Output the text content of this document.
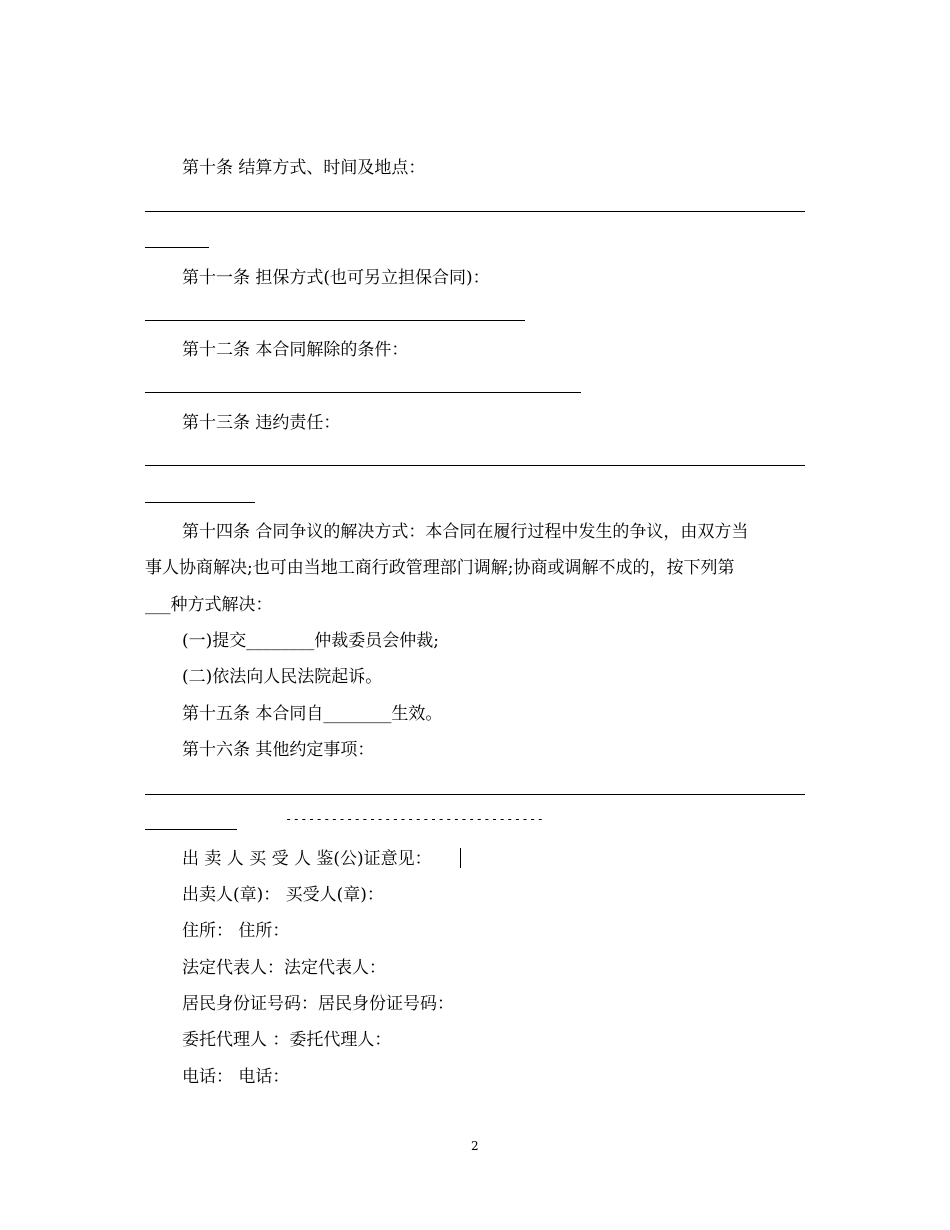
第十条 结算方式、时间及地点：
第十一条 担保方式(也可另立担保合同)：
第十二条 本合同解除的条件：
第十三条 违约责任：
第十四条 合同争议的解决方式：本合同在履行过程中发生的争议，由双方当
事人协商解决;也可由当地工商行政管理部门调解;协商或调解不成的，按下列第
___种方式解决：
(一)提交________仲裁委员会仲裁;
(二)依法向人民法院起诉。
第十五条 本合同自________生效。
第十六条 其他约定事项：
----------------------------------
出 卖 人 买 受 人 鉴(公)证意见：
出卖人(章)： 买受人(章)：
住所： 住所：
法定代表人：法定代表人：
居民身份证号码：居民身份证号码：
委托代理人 ：委托代理人：
电话： 电话：
2
